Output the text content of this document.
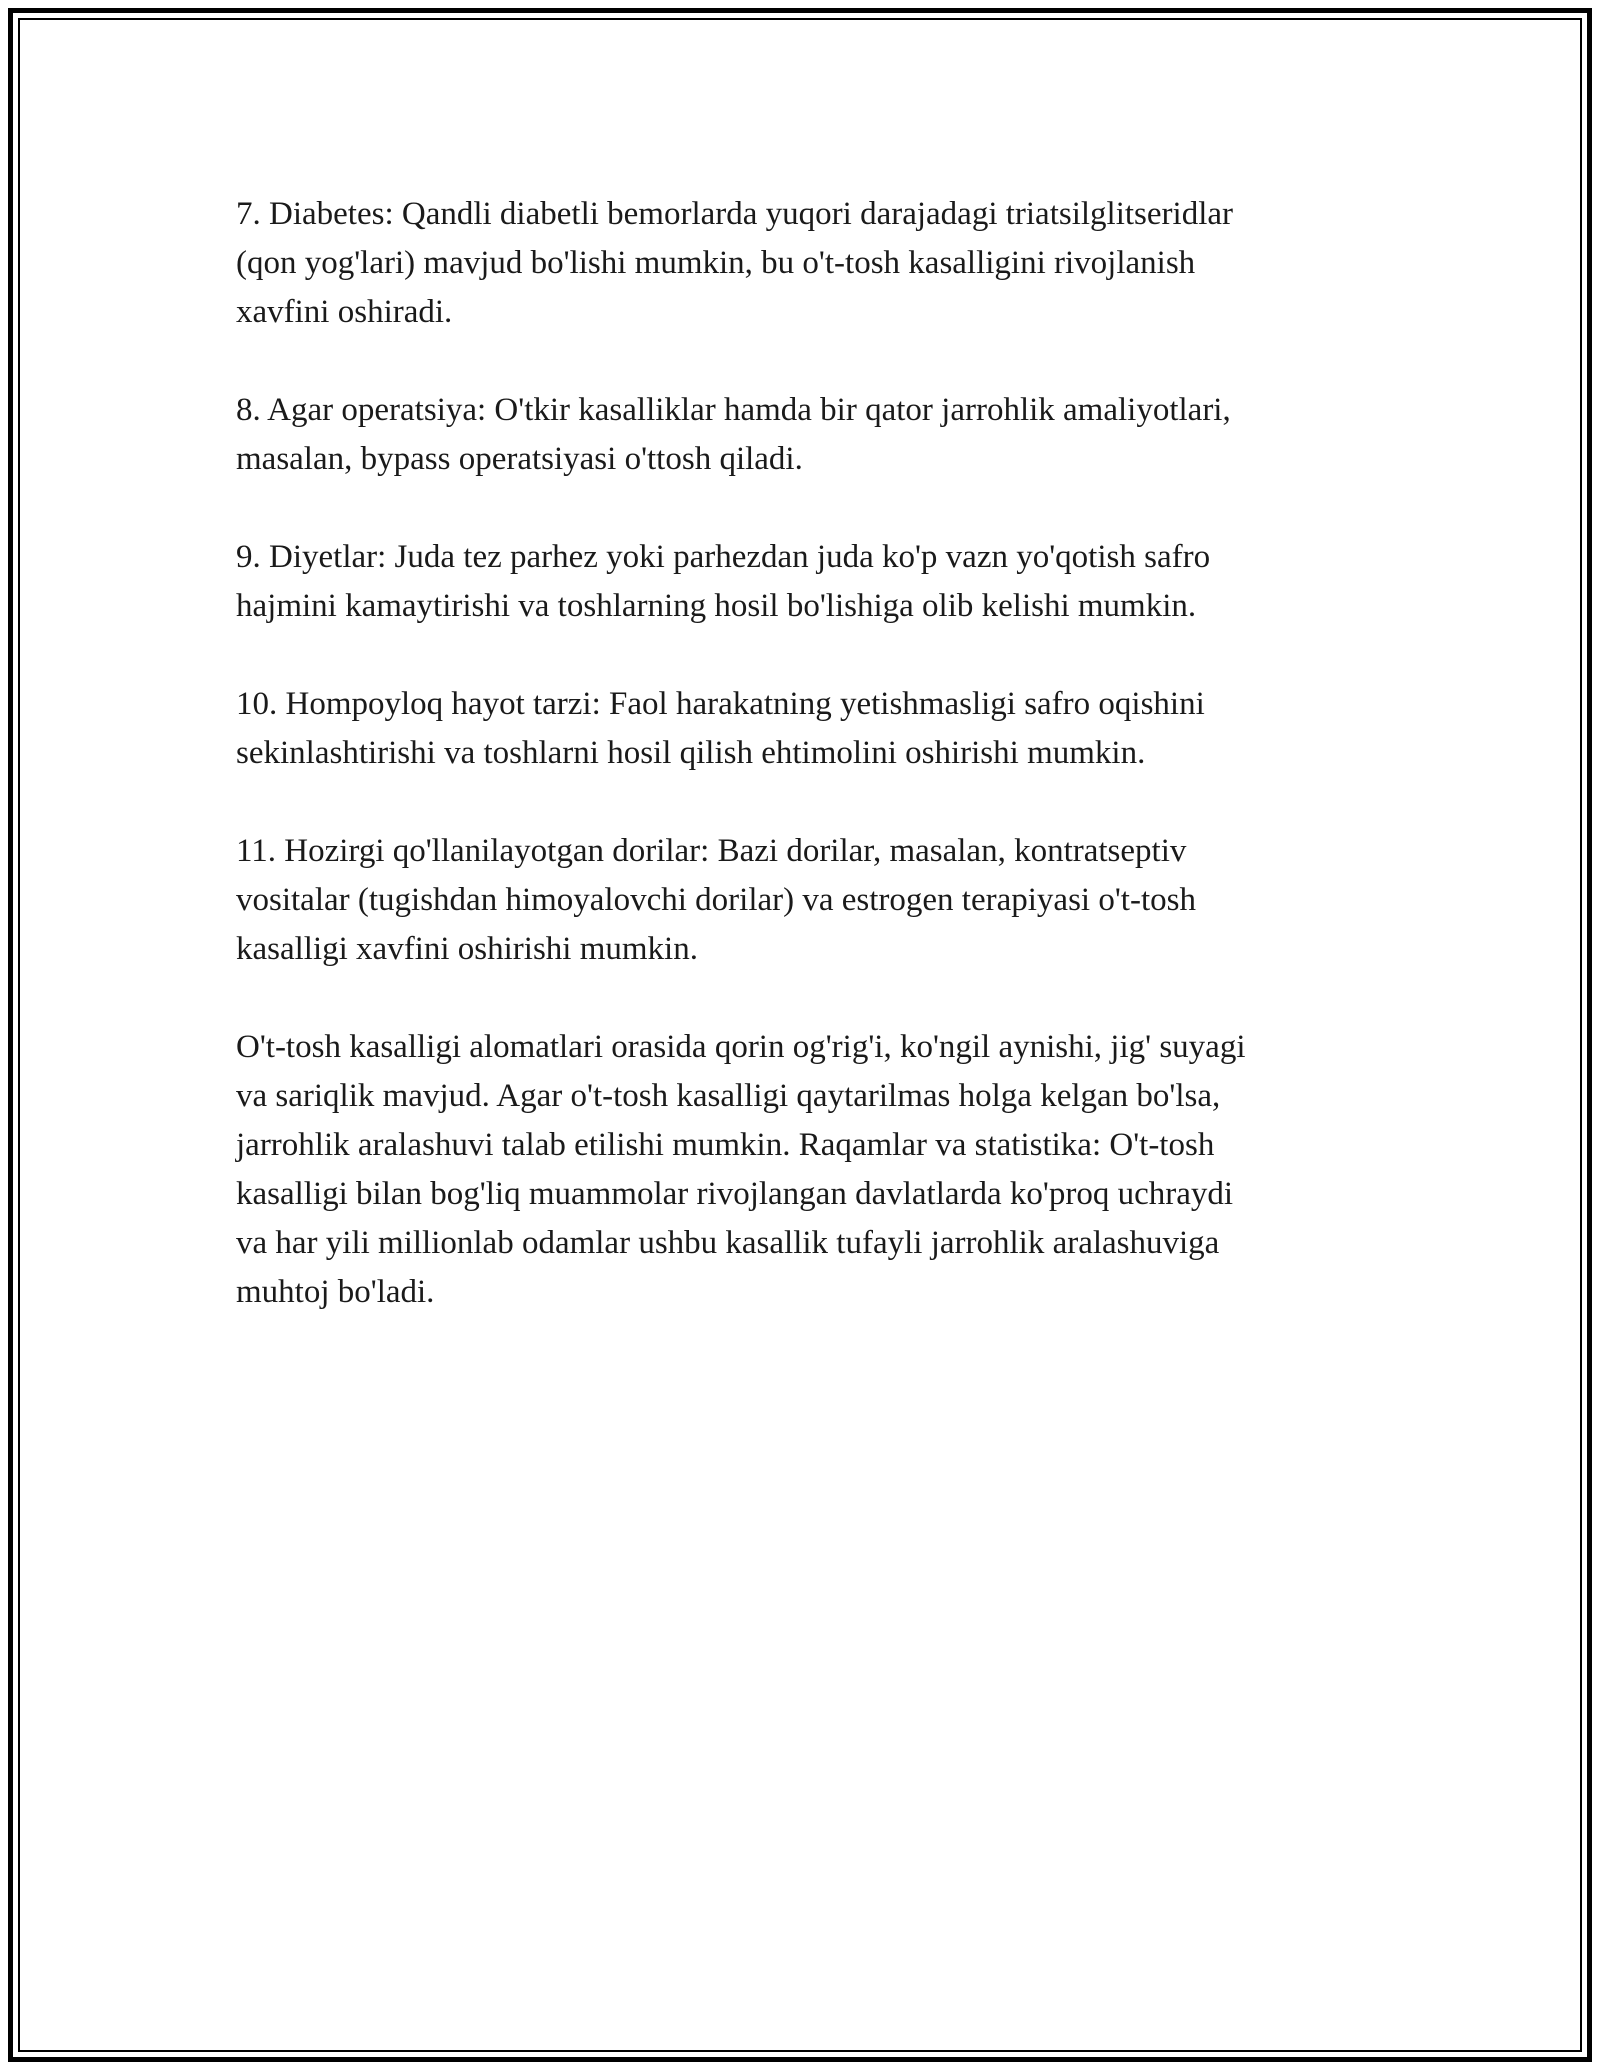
7. Diabetes: Qandli diabetli bemorlarda yuqori darajadagi triatsilglitseridlar
(qon yog'lari) mavjud bo'lishi mumkin, bu o't-tosh kasalligini rivojlanish
xavfini oshiradi.

8. Agar operatsiya: O'tkir kasalliklar hamda bir qator jarrohlik amaliyotlari,
masalan, bypass operatsiyasi o'ttosh qiladi.

9. Diyetlar: Juda tez parhez yoki parhezdan juda ko'p vazn yo'qotish safro
hajmini kamaytirishi va toshlarning hosil bo'lishiga olib kelishi mumkin.

10. Hompoyloq hayot tarzi: Faol harakatning yetishmasligi safro oqishini
sekinlashtirishi va toshlarni hosil qilish ehtimolini oshirishi mumkin.

11. Hozirgi qo'llanilayotgan dorilar: Bazi dorilar, masalan, kontratseptiv
vositalar (tugishdan himoyalovchi dorilar) va estrogen terapiyasi o't-tosh
kasalligi xavfini oshirishi mumkin.

O't-tosh kasalligi alomatlari orasida qorin og'rig'i, ko'ngil aynishi, jig' suyagi
va sariqlik mavjud. Agar o't-tosh kasalligi qaytarilmas holga kelgan bo'lsa,
jarrohlik aralashuvi talab etilishi mumkin. Raqamlar va statistika: O't-tosh
kasalligi bilan bog'liq muammolar rivojlangan davlatlarda ko'proq uchraydi
va har yili millionlab odamlar ushbu kasallik tufayli jarrohlik aralashuviga
muhtoj bo'ladi.
